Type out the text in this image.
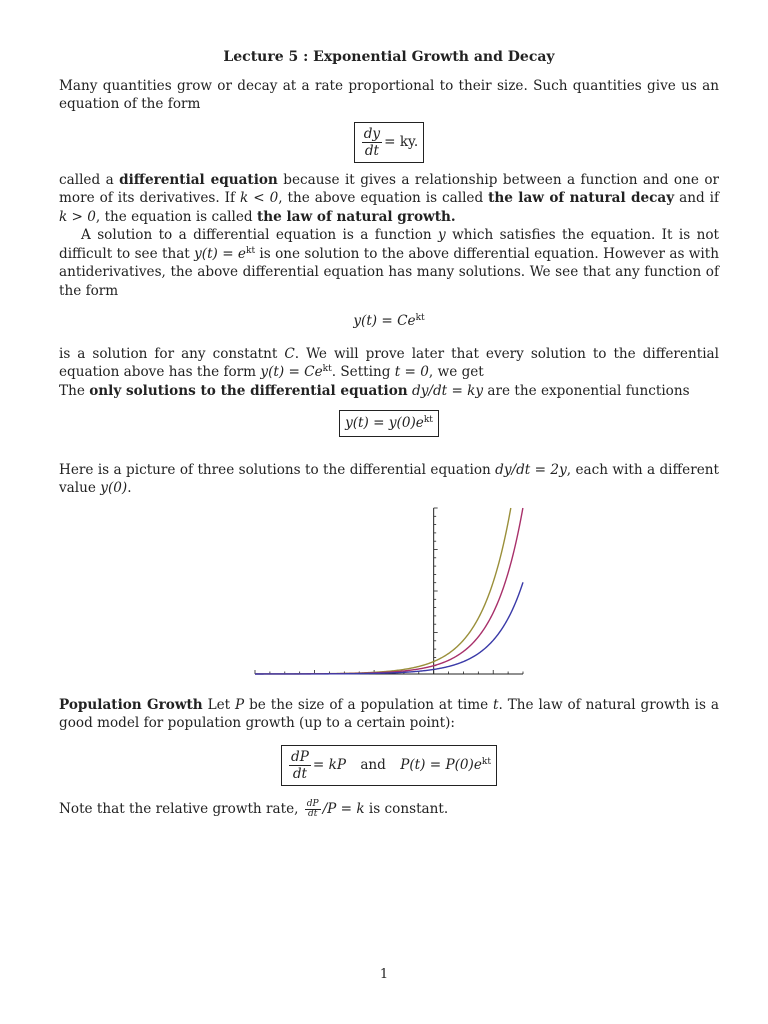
Lecture 5 : Exponential Growth and Decay

Many quantities grow or decay at a rate proportional to their size. Such quantities give us an equation of the form

$\frac{dy}{dt}$ = ky.

called a differential equation because it gives a relationship between a function and one or more of its derivatives. If k < 0, the above equation is called the law of natural decay and if k > 0, the equation is called the law of natural growth.

A solution to a differential equation is a function y which satisfies the equation. It is not difficult to see that $y(t) = e^{kt}$ is one solution to the above differential equation. However as with antiderivatives, the above differential equation has many solutions. We see that any function of the form

$y(t) = Ce^{kt}$

is a solution for any constatnt C. We will prove later that every solution to the differential equation above has the form $y(t) = Ce^{kt}$. Setting t = 0, we get

The only solutions to the differential equation dy/dt = ky are the exponential functions

$y(t) = y(0)e^{kt}$

Here is a picture of three solutions to the differential equation dy/dt = 2y, each with a different value y(0).

Population Growth Let P be the size of a population at time t. The law of natural growth is a good model for population growth (up to a certain point):

$\frac{dP}{dt}$ = kP and $P(t) = P(0)e^{kt}$

Note that the relative growth rate, $\frac{dP}{dt} /P = k$ is constant.

1
